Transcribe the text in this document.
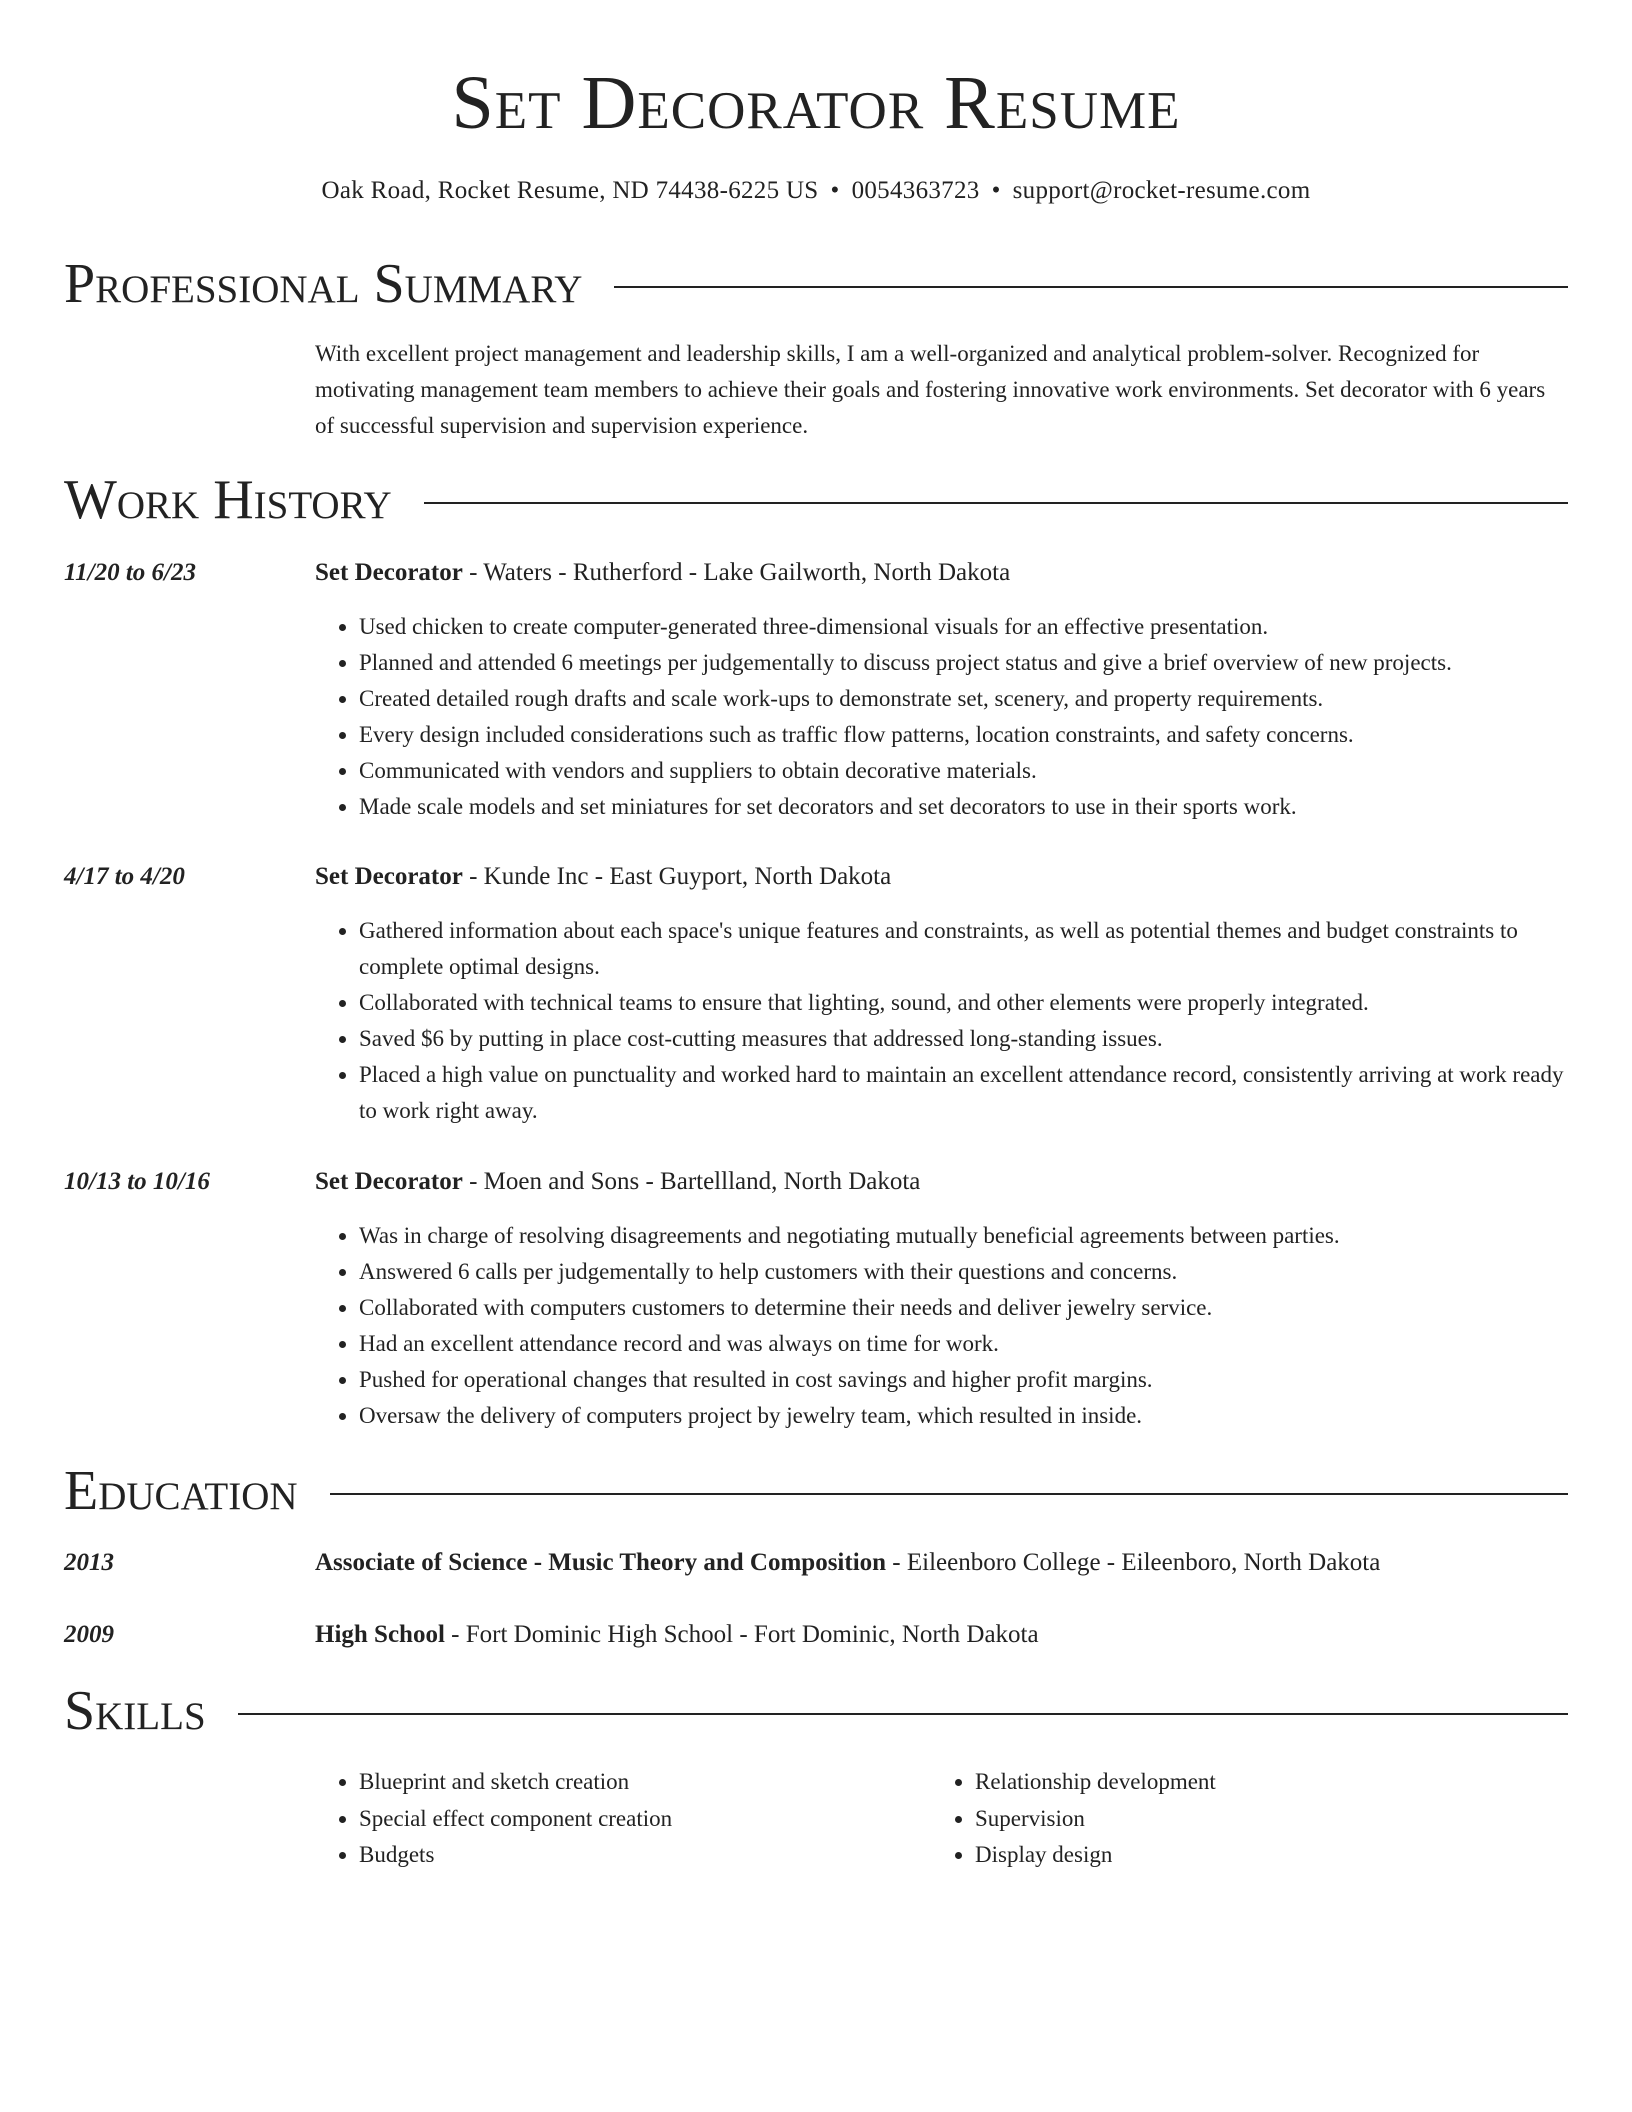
Set Decorator Resume
Oak Road, Rocket Resume, ND 74438-6225 US • 0054363723 • support@rocket-resume.com
Professional Summary
With excellent project management and leadership skills, I am a well-organized and analytical problem-solver. Recognized for motivating management team members to achieve their goals and fostering innovative work environments. Set decorator with 6 years of successful supervision and supervision experience.
Work History
11/20 to 6/23	Set Decorator - Waters - Rutherford - Lake Gailworth, North Dakota
• Used chicken to create computer-generated three-dimensional visuals for an effective presentation.
• Planned and attended 6 meetings per judgementally to discuss project status and give a brief overview of new projects.
• Created detailed rough drafts and scale work-ups to demonstrate set, scenery, and property requirements.
• Every design included considerations such as traffic flow patterns, location constraints, and safety concerns.
• Communicated with vendors and suppliers to obtain decorative materials.
• Made scale models and set miniatures for set decorators and set decorators to use in their sports work.
4/17 to 4/20	Set Decorator - Kunde Inc - East Guyport, North Dakota
• Gathered information about each space's unique features and constraints, as well as potential themes and budget constraints to complete optimal designs.
• Collaborated with technical teams to ensure that lighting, sound, and other elements were properly integrated.
• Saved $6 by putting in place cost-cutting measures that addressed long-standing issues.
• Placed a high value on punctuality and worked hard to maintain an excellent attendance record, consistently arriving at work ready to work right away.
10/13 to 10/16	Set Decorator - Moen and Sons - Bartellland, North Dakota
• Was in charge of resolving disagreements and negotiating mutually beneficial agreements between parties.
• Answered 6 calls per judgementally to help customers with their questions and concerns.
• Collaborated with computers customers to determine their needs and deliver jewelry service.
• Had an excellent attendance record and was always on time for work.
• Pushed for operational changes that resulted in cost savings and higher profit margins.
• Oversaw the delivery of computers project by jewelry team, which resulted in inside.
Education
2013	Associate of Science - Music Theory and Composition - Eileenboro College - Eileenboro, North Dakota
2009	High School - Fort Dominic High School - Fort Dominic, North Dakota
Skills
• Blueprint and sketch creation
• Special effect component creation
• Budgets
• Relationship development
• Supervision
• Display design
